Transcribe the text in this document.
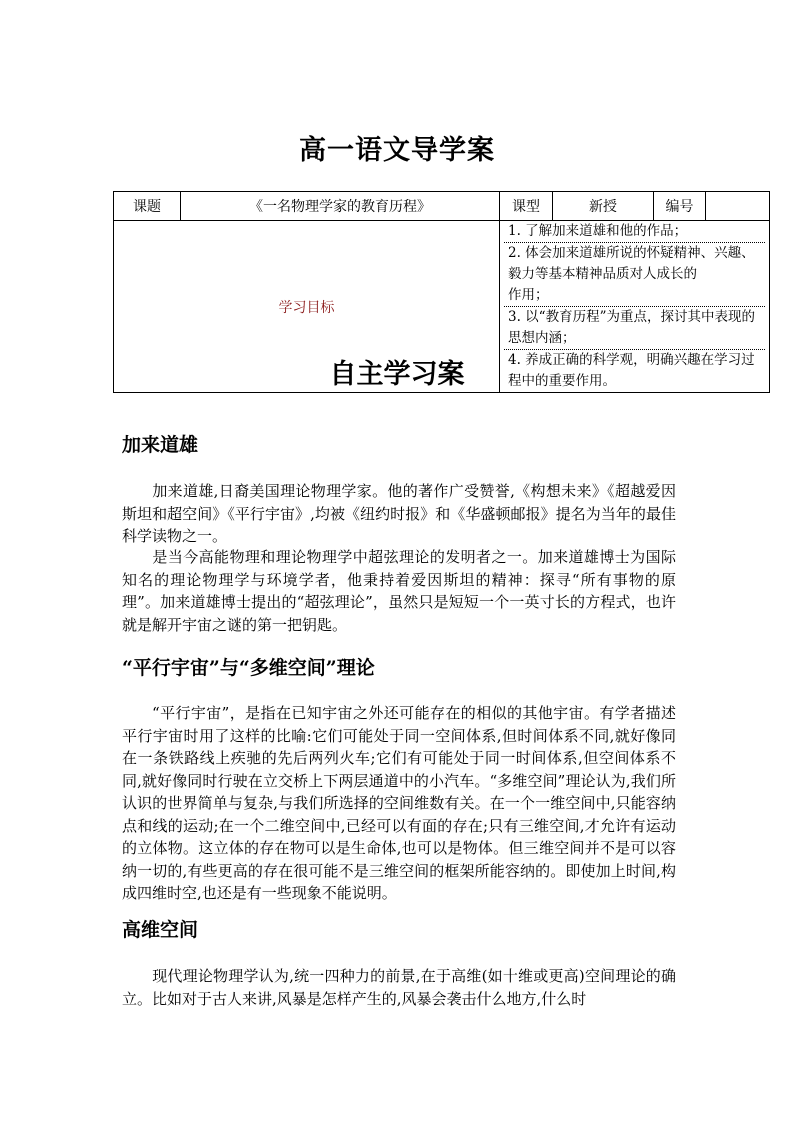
高一语文导学案
课题	《一名物理学家的教育历程》	课型	新授	编号	

学习目标		1. 了解加来道雄和他的作品；
2. 体会加来道雄所说的怀疑精神、兴趣、毅力等基本精神品质对人成长的
作用；
3. 以“教育历程”为重点，探讨其中表现的思想内涵；
4. 养成正确的科学观，明确兴趣在学习过程中的重要作用。			
自主学习案
加来道雄

加来道雄,日裔美国理论物理学家。他的著作广受赞誉,《构想未来》《超越爱因斯坦和超空间》《平行宇宙》,均被《纽约时报》和《华盛顿邮报》提名为当年的最佳科学读物之一。

是当今高能物理和理论物理学中超弦理论的发明者之一。加来道雄博士为国际知名的理论物理学与环境学者，他秉持着爱因斯坦的精神：探寻“所有事物的原理”。加来道雄博士提出的“超弦理论”，虽然只是短短一个一英寸长的方程式，也许就是解开宇宙之谜的第一把钥匙。

“平行宇宙”与“多维空间”理论

“平行宇宙”，是指在已知宇宙之外还可能存在的相似的其他宇宙。有学者描述平行宇宙时用了这样的比喻:它们可能处于同一空间体系,但时间体系不同,就好像同在一条铁路线上疾驰的先后两列火车;它们有可能处于同一时间体系,但空间体系不同,就好像同时行驶在立交桥上下两层通道中的小汽车。“多维空间”理论认为,我们所认识的世界简单与复杂,与我们所选择的空间维数有关。在一个一维空间中,只能容纳点和线的运动;在一个二维空间中,已经可以有面的存在;只有三维空间,才允许有运动的立体物。这立体的存在物可以是生命体,也可以是物体。但三维空间并不是可以容纳一切的,有些更高的存在很可能不是三维空间的框架所能容纳的。即使加上时间,构成四维时空,也还是有一些现象不能说明。

高维空间

现代理论物理学认为,统一四种力的前景,在于高维(如十维或更高)空间理论的确立。比如对于古人来讲,风暴是怎样产生的,风暴会袭击什么地方,什么时
